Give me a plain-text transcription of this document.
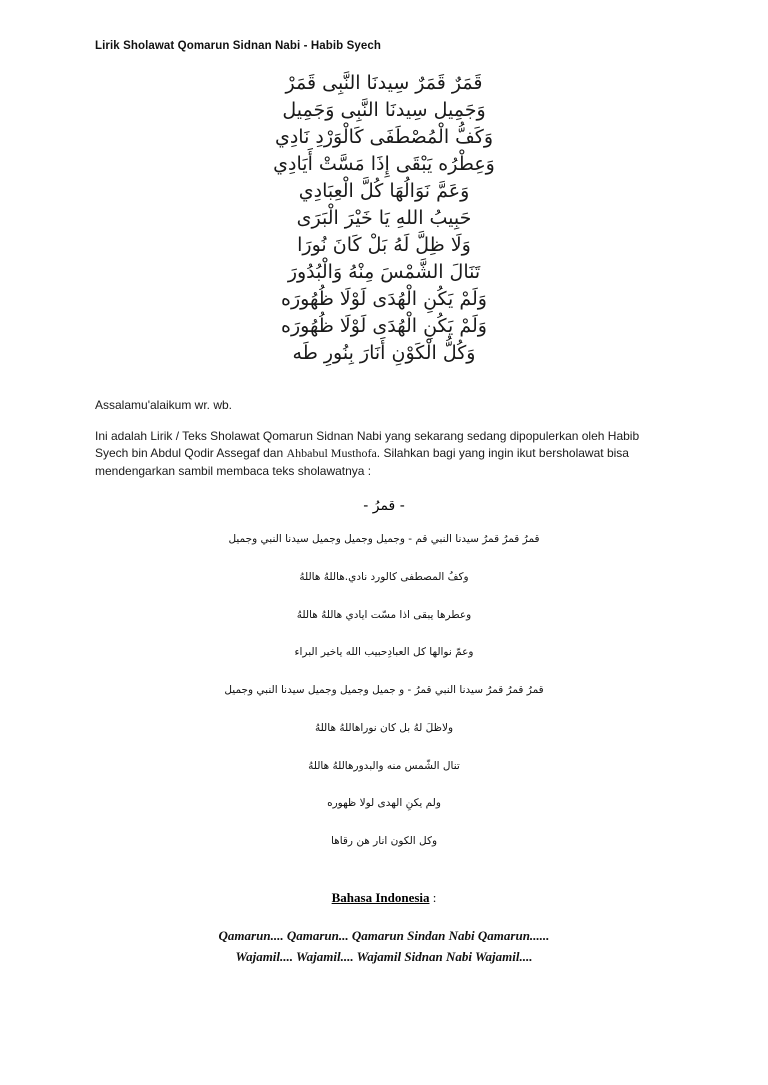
Lirik Sholawat Qomarun Sidnan Nabi - Habib Syech
قَمَرٌ قَمَرٌ سِيدنَا النَّبِى قَمَرْ
وَجَمِيل سِيدنَا النَّبِى وَجَمِيل
وَكَفُّ الْمُصْطَفَى كَالْوَرْدِ نَادِي
وَعِطْرُه يَبْقَى إِذَا مَسَّتْ أَيَادِي
وَعَمَّ نَوَالُهَا كُلَّ الْعِبَادِي
حَبِيبُ اللهِ يَا خَيْرَ الْبَرَى
وَلَا ظِلَّ لَهُ بَلْ كَانَ نُورَا
تَنَالَ الشَّمْسَ مِنْهُ وَالْبُدُورَ
وَلَمْ يَكُنِ الْهُدَى لَوْلَا ظُهُورَه
وَلَمْ يَكُنِ الْهُدَى لَوْلَا ظُهُورَه
وَكُلُّ الْكَوْنِ أَنَارَ بِنُورِ طَه

Assalamu'alaikum wr. wb.

Ini adalah Lirik / Teks Sholawat Qomarun Sidnan Nabi yang sekarang sedang dipopulerkan oleh Habib Syech bin Abdul Qodir Assegaf dan Ahbabul Musthofa. Silahkan bagi yang ingin ikut bersholawat bisa mendengarkan sambil membaca teks sholawatnya :

- قمرُ -
قمرُ قمرُ قمرُ سيدنا النبي قم - وجميل وجميل وجميل سيدنا النبي وجميل
وكفُ المصطفى كالورد نادي.هاللهُ هاللهُ
وعطرها يبقى اذا مسّت ايادي هاللهُ هاللهُ
وعمّ نوالها كل العبادِحبيب الله ياخير البراء
قمرُ قمرُ قمرُ سيدنا النبي قمرُ - و جميل وجميل وجميل سيدنا النبي وجميل
ولاظلَ لهُ بل كان نوراهاللهُ هاللهُ
تنال الشّمس منه والبدورهاللهُ هاللهُ
ولم يكنِ الهدى لولا ظهوره
وكل الكون انار هن رقاها
Bahasa Indonesia :
Qamarun.... Qamarun... Qamarun Sindan Nabi Qamarun......
Wajamil.... Wajamil.... Wajamil Sidnan Nabi Wajamil....
